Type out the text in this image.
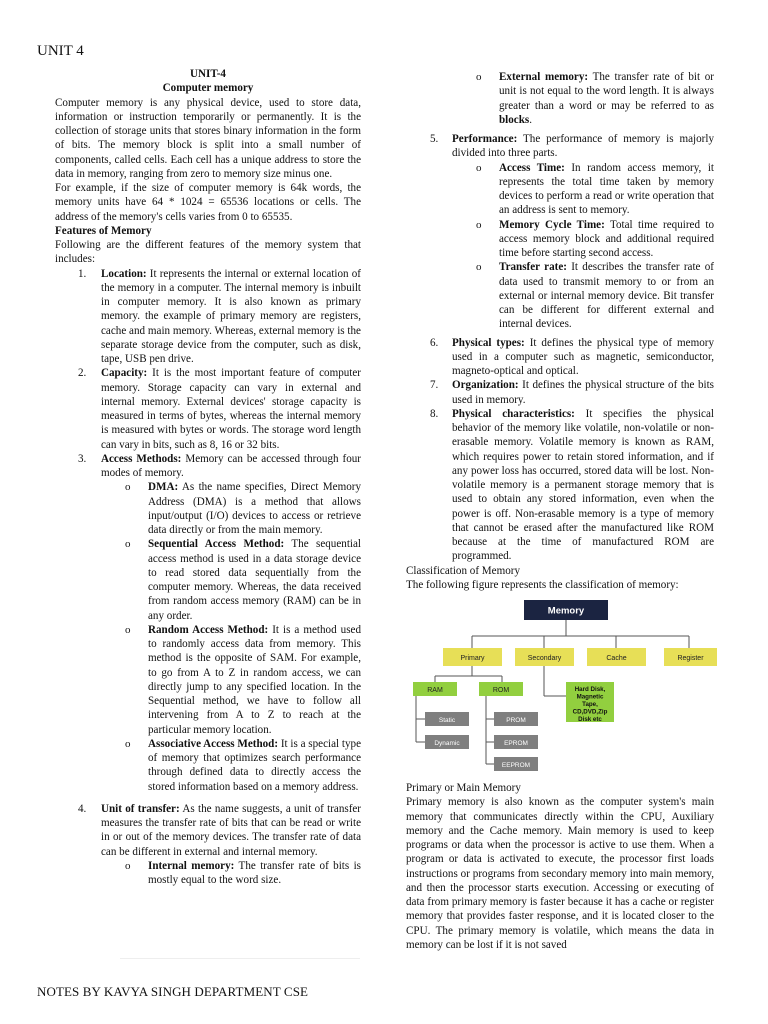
UNIT 4

UNIT-4

Computer memory

Computer memory is any physical device, used to store data, information or instruction temporarily or permanently. It is the collection of storage units that stores binary information in the form of bits. The memory block is split into a small number of components, called cells. Each cell has a unique address to store the data in memory, ranging from zero to memory size minus one.

For example, if the size of computer memory is 64k words, the memory units have 64 * 1024 = 65536 locations or cells. The address of the memory's cells varies from 0 to 65535.

Features of Memory

Following are the different features of the memory system that includes:

1.	Location: It represents the internal or external location of the memory in a computer. The internal memory is inbuilt in computer memory. It is also known as primary memory. the example of primary memory are registers, cache and main memory. Whereas, external memory is the separate storage device from the computer, such as disk, tape, USB pen drive.
2.	Capacity: It is the most important feature of computer memory. Storage capacity can vary in external and internal memory. External devices' storage capacity is measured in terms of bytes, whereas the internal memory is measured with bytes or words. The storage word length can vary in bits, such as 8, 16 or 32 bits.
3.	Access Methods: Memory can be accessed through four modes of memory.
o DMA: As the name specifies, Direct Memory Address (DMA) is a method that allows input/output (I/O) devices to access or retrieve data directly or from the main memory.
o Sequential Access Method: The sequential access method is used in a data storage device to read stored data sequentially from the computer memory. Whereas, the data received from random access memory (RAM) can be in any order.
o Random Access Method: It is a method used to randomly access data from memory. This method is the opposite of SAM. For example, to go from A to Z in random access, we can directly jump to any specified location. In the Sequential method, we have to follow all intervening from A to Z to reach at the particular memory location.
o Associative Access Method: It is a special type of memory that optimizes search performance through defined data to directly access the stored information based on a memory address.
4.	Unit of transfer: As the name suggests, a unit of transfer measures the transfer rate of bits that can be read or write in or out of the memory devices. The transfer rate of data can be different in external and internal memory.
o Internal memory: The transfer rate of bits is mostly equal to the word size.
o External memory: The transfer rate of bit or unit is not equal to the word length. It is always greater than a word or may be referred to as blocks.
5.	Performance: The performance of memory is majorly divided into three parts.
o Access Time: In random access memory, it represents the total time taken by memory devices to perform a read or write operation that an address is sent to memory.
o Memory Cycle Time: Total time required to access memory block and additional required time before starting second access.
o Transfer rate: It describes the transfer rate of data used to transmit memory to or from an external or internal memory device. Bit transfer can be different for different external and internal devices.
6.	Physical types: It defines the physical type of memory used in a computer such as magnetic, semiconductor, magneto-optical and optical.
7.	Organization: It defines the physical structure of the bits used in memory.
8.	Physical characteristics: It specifies the physical behavior of the memory like volatile, non-volatile or non-erasable memory. Volatile memory is known as RAM, which requires power to retain stored information, and if any power loss has occurred, stored data will be lost. Non-volatile memory is a permanent storage memory that is used to obtain any stored information, even when the power is off. Non-erasable memory is a type of memory that cannot be erased after the manufactured like ROM because at the time of manufactured ROM are programmed.

Classification of Memory

The following figure represents the classification of memory:

Memory
Primary	Secondary	Cache	Register
RAM	ROM	Hard Disk, Magnetic Tape, CD,DVD,Zip Disk etc
Static
Dynamic
PROM
EPROM
EEPROM

Primary or Main Memory

Primary memory is also known as the computer system's main memory that communicates directly within the CPU, Auxiliary memory and the Cache memory. Main memory is used to keep programs or data when the processor is active to use them. When a program or data is activated to execute, the processor first loads instructions or programs from secondary memory into main memory, and then the processor starts execution. Accessing or executing of data from primary memory is faster because it has a cache or register memory that provides faster response, and it is located closer to the CPU. The primary memory is volatile, which means the data in memory can be lost if it is not saved

NOTES BY KAVYA SINGH DEPARTMENT CSE
